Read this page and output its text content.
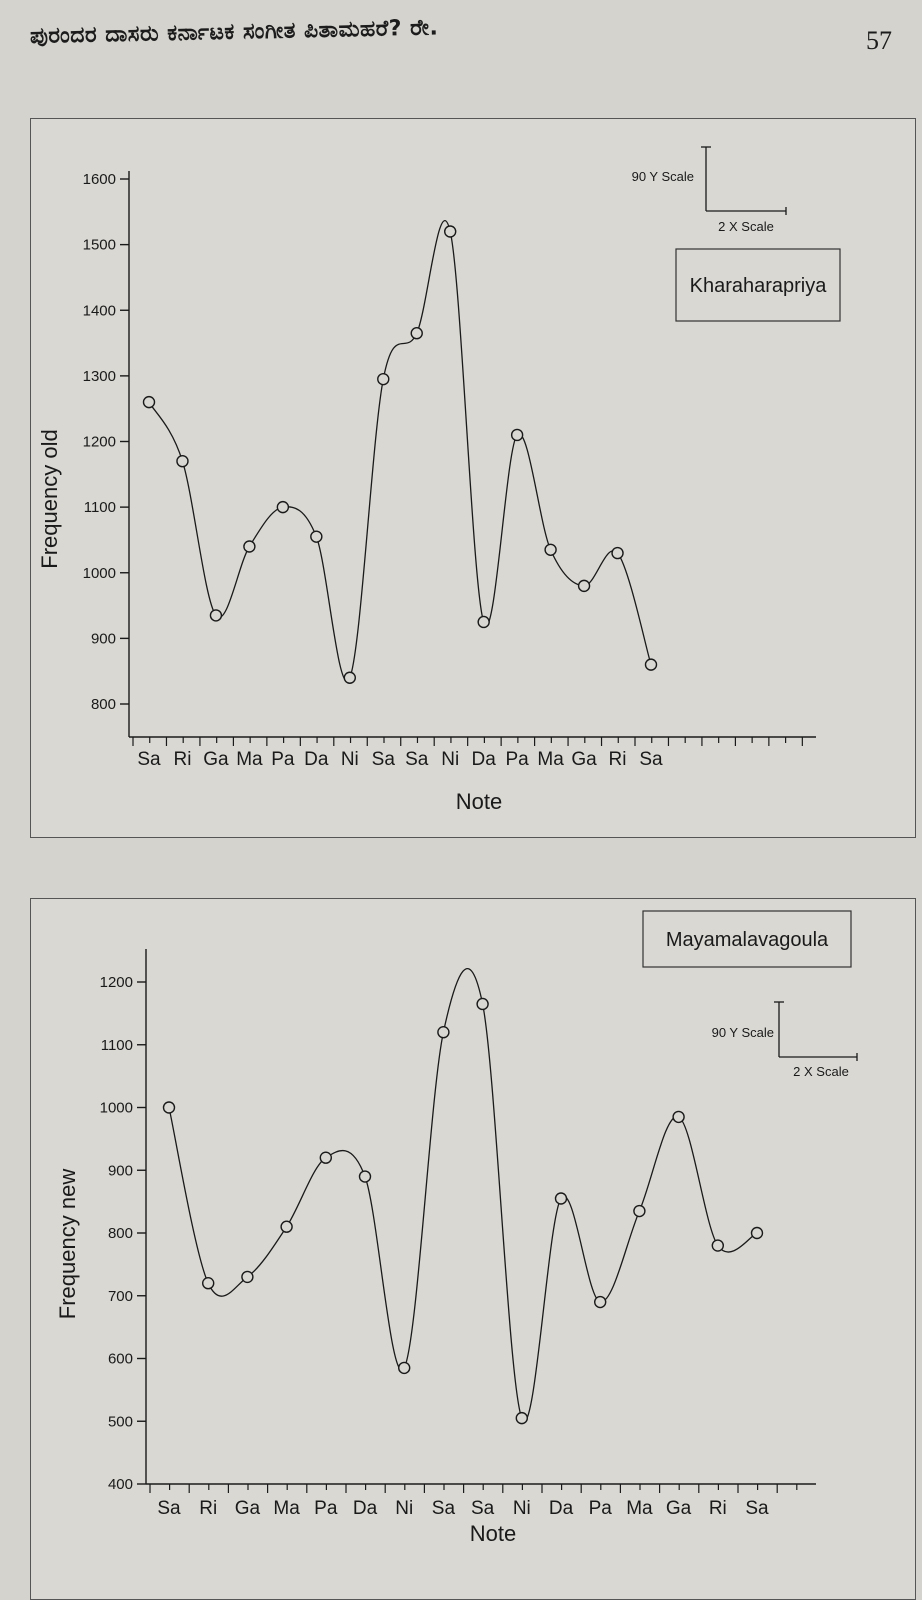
ಪುರಂದರ ದಾಸರು ಕರ್ನಾಟಕ ಸಂಗೀತ ಪಿತಾಮಹರೆ? ರೇ.	57
800
900
1000
1100
1200
1300
1400
1500
1600
Sa Ri Ga Ma Pa Da Ni Sa Sa Ni Da Pa Ma Ga Ri Sa
Note
Frequency old
Kharaharapriya
90 Y Scale
2 X Scale
400
500
600
700
800
900
1000
1100
1200
Sa Ri Ga Ma Pa Da Ni Sa Sa Ni Da Pa Ma Ga Ri Sa
Note
Frequency new
Mayamalavagoula
90 Y Scale
2 X Scale
